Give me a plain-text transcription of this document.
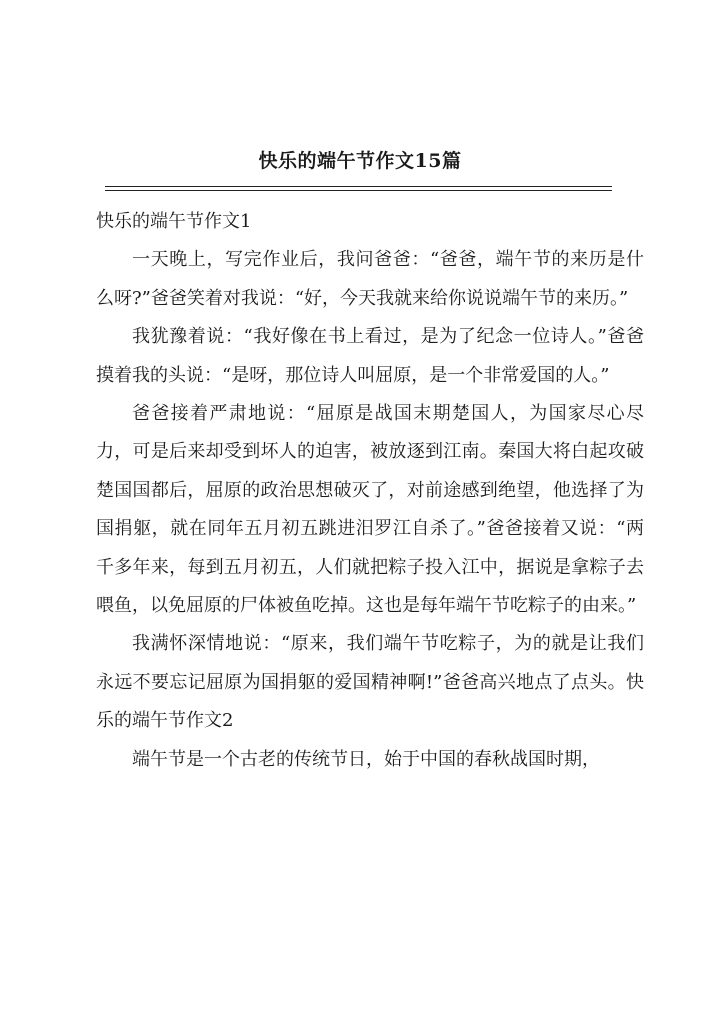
快乐的端午节作文15篇

快乐的端午节作文1

一天晚上，写完作业后，我问爸爸：“爸爸，端午节的来历是什么呀?”爸爸笑着对我说：“好，今天我就来给你说说端午节的来历。”

我犹豫着说：“我好像在书上看过，是为了纪念一位诗人。”爸爸摸着我的头说：“是呀，那位诗人叫屈原，是一个非常爱国的人。”

爸爸接着严肃地说：“屈原是战国末期楚国人，为国家尽心尽力，可是后来却受到坏人的迫害，被放逐到江南。秦国大将白起攻破楚国国都后，屈原的政治思想破灭了，对前途感到绝望，他选择了为国捐躯，就在同年五月初五跳进汨罗江自杀了。”爸爸接着又说：“两千多年来，每到五月初五，人们就把粽子投入江中，据说是拿粽子去喂鱼，以免屈原的尸体被鱼吃掉。这也是每年端午节吃粽子的由来。”

我满怀深情地说：“原来，我们端午节吃粽子，为的就是让我们永远不要忘记屈原为国捐躯的爱国精神啊!”爸爸高兴地点了点头。快乐的端午节作文2

端午节是一个古老的传统节日，始于中国的春秋战国时期，
